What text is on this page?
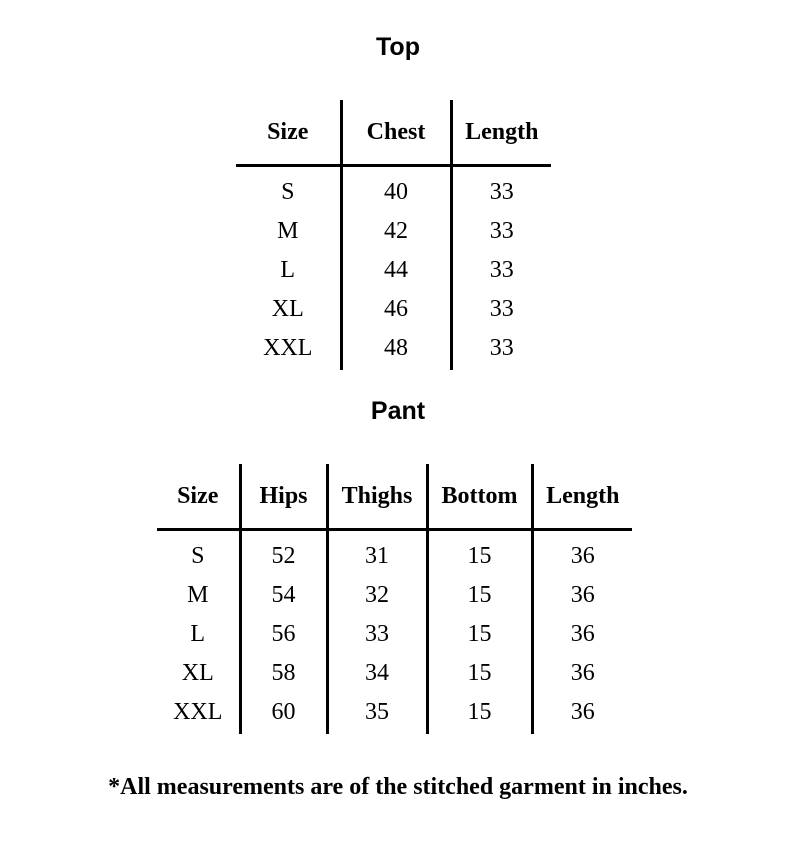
Top
Size	Chest	Length
S	40	33
M	42	33
L	44	33
XL	46	33
XXL	48	33
Pant
Size	Hips	Thighs	Bottom	Length
S	52	31	15	36
M	54	32	15	36
L	56	33	15	36
XL	58	34	15	36
XXL	60	35	15	36
*All measurements are of the stitched garment in inches.
